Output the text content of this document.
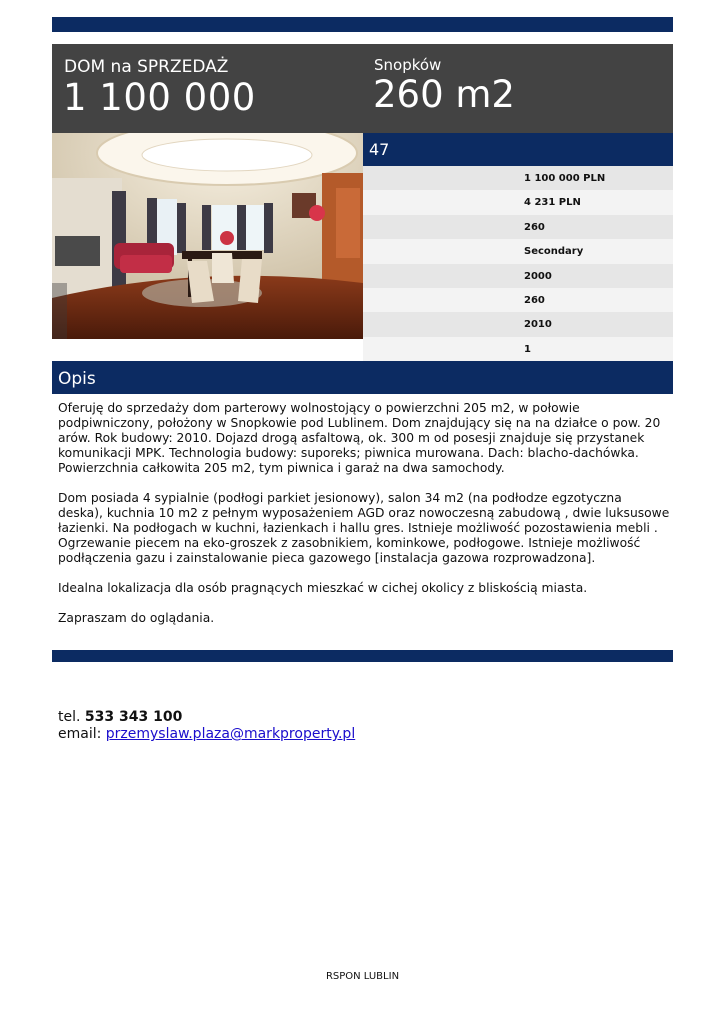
DOM na SPRZEDAŻ
1 100 000
Snopków
260 m2
47
1 100 000 PLN
4 231 PLN
260
Secondary
2000
260
2010
1
Opis

Oferuję do sprzedaży dom parterowy wolnostojący o powierzchni 205 m2, w połowie podpiwniczony, położony w Snopkowie pod Lublinem. Dom znajdujący się na na działce o pow. 20 arów. Rok budowy: 2010. Dojazd drogą asfaltową, ok. 300 m od posesji znajduje się przystanek komunikacji MPK. Technologia budowy: suporeks; piwnica murowana. Dach: blacho-dachówka. Powierzchnia całkowita 205 m2, tym piwnica i garaż na dwa samochody.

Dom posiada 4 sypialnie (podłogi parkiet jesionowy), salon 34 m2 (na podłodze egzotyczna deska), kuchnia 10 m2 z pełnym wyposażeniem AGD oraz nowoczesną zabudową , dwie luksusowe łazienki. Na podłogach w kuchni, łazienkach i hallu gres. Istnieje możliwość pozostawienia mebli . Ogrzewanie piecem na eko-groszek z zasobnikiem, kominkowe, podłogowe. Istnieje możliwość podłączenia gazu i zainstalowanie pieca gazowego [instalacja gazowa rozprowadzona].

Idealna lokalizacja dla osób pragnących mieszkać w cichej okolicy z bliskością miasta.

Zapraszam do oglądania.

tel. 533 343 100
email: przemyslaw.plaza@markproperty.pl
RSPON LUBLIN
